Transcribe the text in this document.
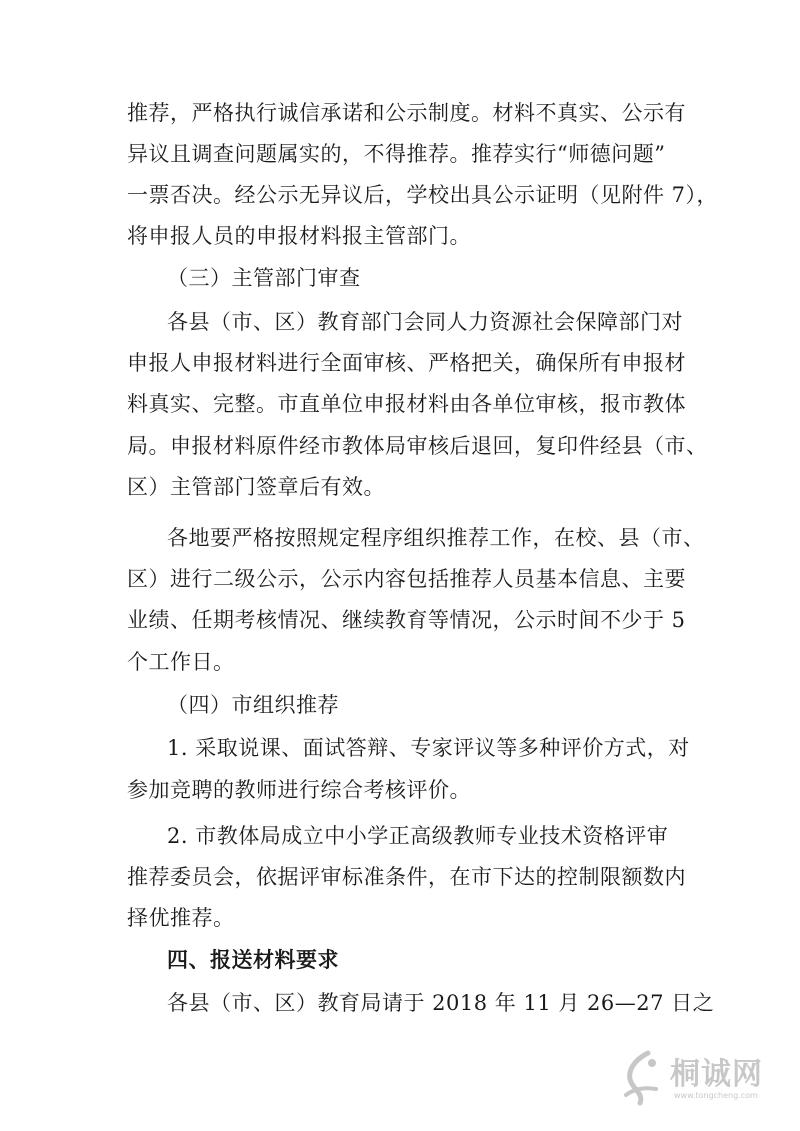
推荐，严格执行诚信承诺和公示制度。材料不真实、公示有
异议且调查问题属实的，不得推荐。推荐实行“师德问题”
一票否决。经公示无异议后，学校出具公示证明（见附件 7），
将申报人员的申报材料报主管部门。
（三）主管部门审查
各县（市、区）教育部门会同人力资源社会保障部门对
申报人申报材料进行全面审核、严格把关，确保所有申报材
料真实、完整。市直单位申报材料由各单位审核，报市教体
局。申报材料原件经市教体局审核后退回，复印件经县（市、
区）主管部门签章后有效。
各地要严格按照规定程序组织推荐工作，在校、县（市、
区）进行二级公示，公示内容包括推荐人员基本信息、主要
业绩、任期考核情况、继续教育等情况，公示时间不少于 5
个工作日。
（四）市组织推荐
1. 采取说课、面试答辩、专家评议等多种评价方式，对
参加竞聘的教师进行综合考核评价。
2. 市教体局成立中小学正高级教师专业技术资格评审
推荐委员会，依据评审标准条件，在市下达的控制限额数内
择优推荐。
四、报送材料要求
各县（市、区）教育局请于 2018 年 11 月 26—27 日之
桐诚网
www.tongcheng.com
